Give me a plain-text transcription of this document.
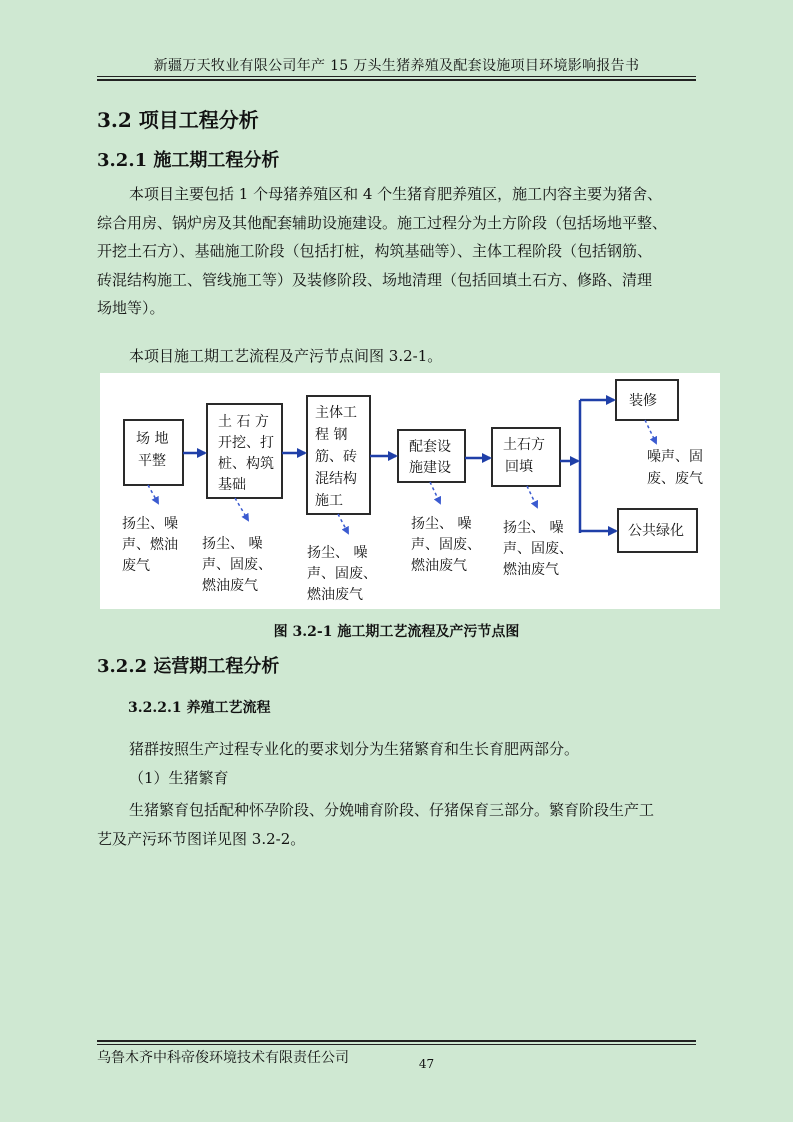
新疆万天牧业有限公司年产 15 万头生猪养殖及配套设施项目环境影响报告书
3.2 项目工程分析
3.2.1 施工期工程分析
本项目主要包括 1 个母猪养殖区和 4 个生猪育肥养殖区，施工内容主要为猪舍、
综合用房、锅炉房及其他配套辅助设施建设。施工过程分为土方阶段（包括场地平整、
开挖土石方）、基础施工阶段（包括打桩，构筑基础等）、主体工程阶段（包括钢筋、
砖混结构施工、管线施工等）及装修阶段、场地清理（包括回填土石方、修路、清理
场地等）。
本项目施工期工艺流程及产污节点间图 3.2-1。
场 地
平整
土 石 方
开挖、打
桩、构筑
基础
主体工
程 钢
筋、砖
混结构
施工
配套设
施建设
土石方
回填
装修
公共绿化
扬尘、噪
声、燃油
废气
扬尘、 噪
声、固废、
燃油废气
扬尘、 噪
声、固废、
燃油废气
扬尘、 噪
声、固废、
燃油废气
扬尘、 噪
声、固废、
燃油废气
噪声、固
废、废气
图 3.2-1 施工期工艺流程及产污节点图
3.2.2 运营期工程分析
3.2.2.1 养殖工艺流程
猪群按照生产过程专业化的要求划分为生猪繁育和生长育肥两部分。
（1）生猪繁育
生猪繁育包括配种怀孕阶段、分娩哺育阶段、仔猪保育三部分。繁育阶段生产工
艺及产污环节图详见图 3.2-2。
乌鲁木齐中科帝俊环境技术有限责任公司	47
